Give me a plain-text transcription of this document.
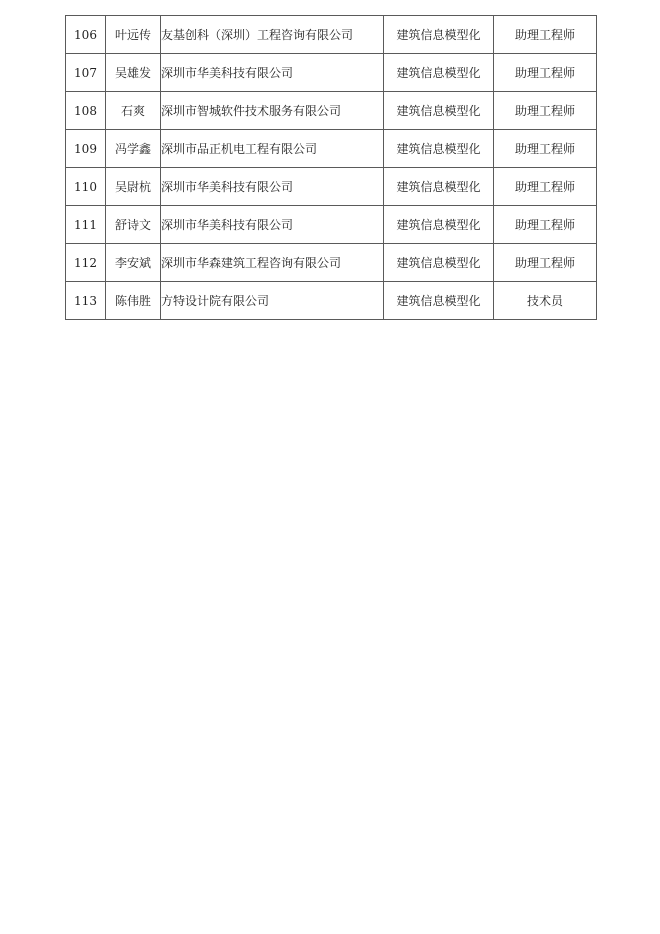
106	叶远传	友基创科（深圳）工程咨询有限公司	建筑信息模型化	助理工程师
107	吴雄发	深圳市华美科技有限公司	建筑信息模型化	助理工程师
108	石爽	深圳市智城软件技术服务有限公司	建筑信息模型化	助理工程师
109	冯学鑫	深圳市品正机电工程有限公司	建筑信息模型化	助理工程师
110	吴尉杭	深圳市华美科技有限公司	建筑信息模型化	助理工程师
111	舒诗文	深圳市华美科技有限公司	建筑信息模型化	助理工程师
112	李安斌	深圳市华森建筑工程咨询有限公司	建筑信息模型化	助理工程师
113	陈伟胜	方特设计院有限公司	建筑信息模型化	技术员
